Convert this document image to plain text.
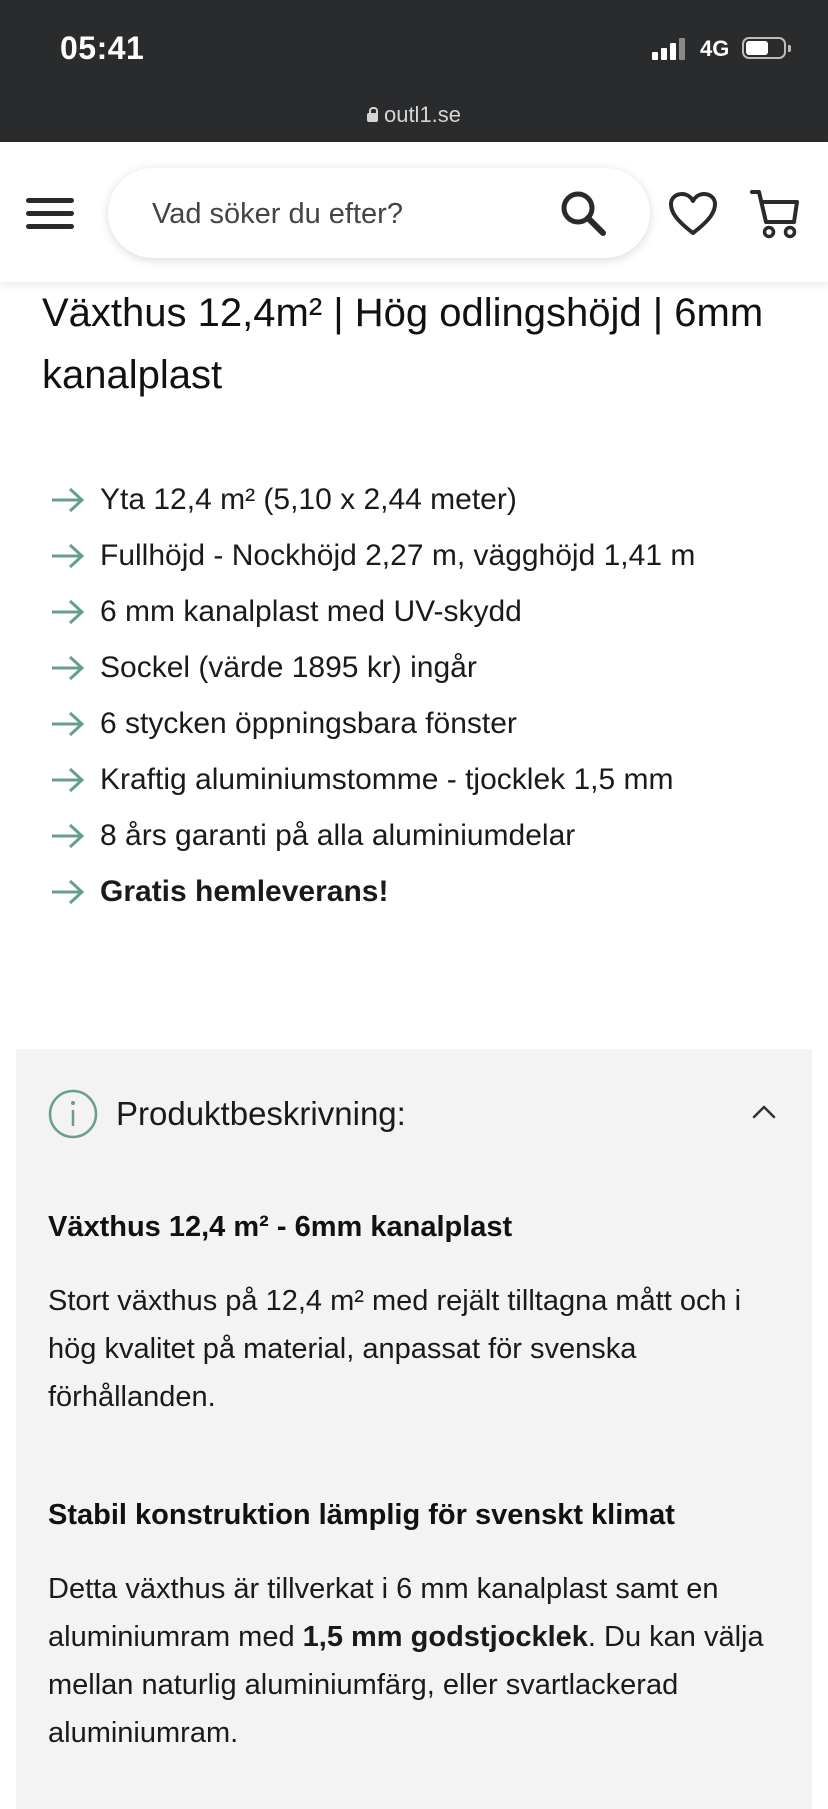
05:41	4G
outl1.se
Vad söker du efter?
Växthus 12,4m² | Hög odlingshöjd | 6mm kanalplast
Yta 12,4 m² (5,10 x 2,44 meter)
Fullhöjd - Nockhöjd 2,27 m, vägghöjd 1,41 m
6 mm kanalplast med UV-skydd
Sockel (värde 1895 kr) ingår
6 stycken öppningsbara fönster
Kraftig aluminiumstomme - tjocklek 1,5 mm
8 års garanti på alla aluminiumdelar
Gratis hemleverans!
Produktbeskrivning:
Växthus 12,4 m² - 6mm kanalplast

Stort växthus på 12,4 m² med rejält tilltagna mått och i hög kvalitet på material, anpassat för svenska förhållanden.

Stabil konstruktion lämplig för svenskt klimat

Detta växthus är tillverkat i 6 mm kanalplast samt en aluminiumram med 1,5 mm godstjocklek. Du kan välja mellan naturlig aluminiumfärg, eller svartlackerad aluminiumram.
